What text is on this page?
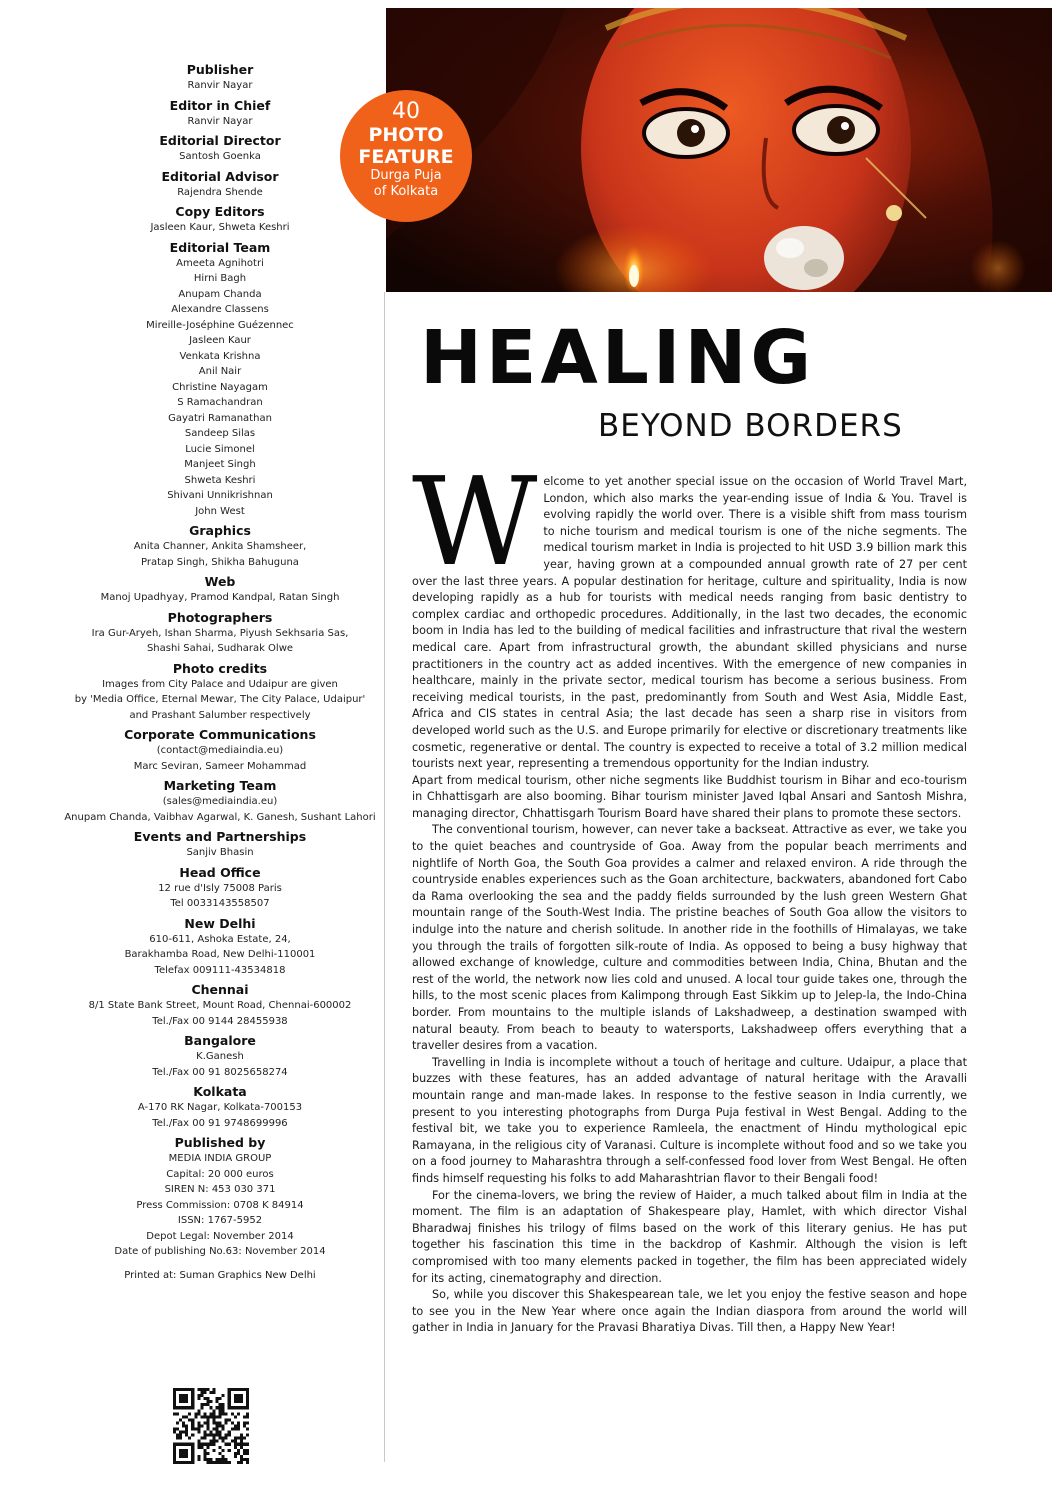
Publisher
Ranvir Nayar
Editor in Chief
Ranvir Nayar
Editorial Director
Santosh Goenka
Editorial Advisor
Rajendra Shende
Copy Editors
Jasleen Kaur, Shweta Keshri
Editorial Team
Ameeta Agnihotri
Hirni Bagh
Anupam Chanda
Alexandre Classens
Mireille-Joséphine Guézennec
Jasleen Kaur
Venkata Krishna
Anil Nair
Christine Nayagam
S Ramachandran
Gayatri Ramanathan
Sandeep Silas
Lucie Simonel
Manjeet Singh
Shweta Keshri
Shivani Unnikrishnan
John West
Graphics
Anita Channer, Ankita Shamsheer,
Pratap Singh, Shikha Bahuguna
Web
Manoj Upadhyay, Pramod Kandpal, Ratan Singh
Photographers
Ira Gur-Aryeh, Ishan Sharma, Piyush Sekhsaria Sas,
Shashi Sahai, Sudharak Olwe
Photo credits
Images from City Palace and Udaipur are given
by 'Media Office, Eternal Mewar, The City Palace, Udaipur'
and Prashant Salumber respectively
Corporate Communications
(contact@mediaindia.eu)
Marc Seviran, Sameer Mohammad
Marketing Team
(sales@mediaindia.eu)
Anupam Chanda, Vaibhav Agarwal, K. Ganesh, Sushant Lahori
Events and Partnerships
Sanjiv Bhasin
Head Office
12 rue d'Isly 75008 Paris
Tel 0033143558507
New Delhi
610-611, Ashoka Estate, 24,
Barakhamba Road, New Delhi-110001
Telefax 009111-43534818
Chennai
8/1 State Bank Street, Mount Road, Chennai-600002
Tel./Fax 00 9144 28455938
Bangalore
K.Ganesh
Tel./Fax 00 91 8025658274
Kolkata
A-170 RK Nagar, Kolkata-700153
Tel./Fax 00 91 9748699996
Published by
MEDIA INDIA GROUP
Capital: 20 000 euros
SIREN N: 453 030 371
Press Commission: 0708 K 84914
ISSN: 1767-5952
Depot Legal: November 2014
Date of publishing No.63: November 2014
Printed at: Suman Graphics New Delhi
40
PHOTO
FEATURE
Durga Puja
of Kolkata
HEALING
BEYOND BORDERS

Welcome to yet another special issue on the occasion of World Travel Mart, London, which also marks the year-ending issue of India & You. Travel is evolving rapidly the world over. There is a visible shift from mass tourism to niche tourism and medical tourism is one of the niche segments. The medical tourism market in India is projected to hit USD 3.9 billion mark this year, having grown at a compounded annual growth rate of 27 per cent over the last three years. A popular destination for heritage, culture and spirituality, India is now developing rapidly as a hub for tourists with medical needs ranging from basic dentistry to complex cardiac and orthopedic procedures. Additionally, in the last two decades, the economic boom in India has led to the building of medical facilities and infrastructure that rival the western medical care. Apart from infrastructural growth, the abundant skilled physicians and nurse practitioners in the country act as added incentives. With the emergence of new companies in healthcare, mainly in the private sector, medical tourism has become a serious business. From receiving medical tourists, in the past, predominantly from South and West Asia, Middle East, Africa and CIS states in central Asia; the last decade has seen a sharp rise in visitors from developed world such as the U.S. and Europe primarily for elective or discretionary treatments like cosmetic, regenerative or dental. The country is expected to receive a total of 3.2 million medical tourists next year, representing a tremendous opportunity for the Indian industry.

Apart from medical tourism, other niche segments like Buddhist tourism in Bihar and eco-tourism in Chhattisgarh are also booming. Bihar tourism minister Javed Iqbal Ansari and Santosh Mishra, managing director, Chhattisgarh Tourism Board have shared their plans to promote these sectors.

The conventional tourism, however, can never take a backseat. Attractive as ever, we take you to the quiet beaches and countryside of Goa. Away from the popular beach merriments and nightlife of North Goa, the South Goa provides a calmer and relaxed environ. A ride through the countryside enables experiences such as the Goan architecture, backwaters, abandoned fort Cabo da Rama overlooking the sea and the paddy fields surrounded by the lush green Western Ghat mountain range of the South-West India. The pristine beaches of South Goa allow the visitors to indulge into the nature and cherish solitude. In another ride in the foothills of Himalayas, we take you through the trails of forgotten silk-route of India. As opposed to being a busy highway that allowed exchange of knowledge, culture and commodities between India, China, Bhutan and the rest of the world, the network now lies cold and unused. A local tour guide takes one, through the hills, to the most scenic places from Kalimpong through East Sikkim up to Jelep-la, the Indo-China border. From mountains to the multiple islands of Lakshadweep, a destination swamped with natural beauty. From beach to beauty to watersports, Lakshadweep offers everything that a traveller desires from a vacation.

Travelling in India is incomplete without a touch of heritage and culture. Udaipur, a place that buzzes with these features, has an added advantage of natural heritage with the Aravalli mountain range and man-made lakes. In response to the festive season in India currently, we present to you interesting photographs from Durga Puja festival in West Bengal. Adding to the festival bit, we take you to experience Ramleela, the enactment of Hindu mythological epic Ramayana, in the religious city of Varanasi. Culture is incomplete without food and so we take you on a food journey to Maharashtra through a self-confessed food lover from West Bengal. He often finds himself requesting his folks to add Maharashtrian flavor to their Bengali food!

For the cinema-lovers, we bring the review of Haider, a much talked about film in India at the moment. The film is an adaptation of Shakespeare play, Hamlet, with which director Vishal Bharadwaj finishes his trilogy of films based on the work of this literary genius. He has put together his fascination this time in the backdrop of Kashmir. Although the vision is left compromised with too many elements packed in together, the film has been appreciated widely for its acting, cinematography and direction.

So, while you discover this Shakespearean tale, we let you enjoy the festive season and hope to see you in the New Year where once again the Indian diaspora from around the world will gather in India in January for the Pravasi Bharatiya Divas. Till then, a Happy New Year!
